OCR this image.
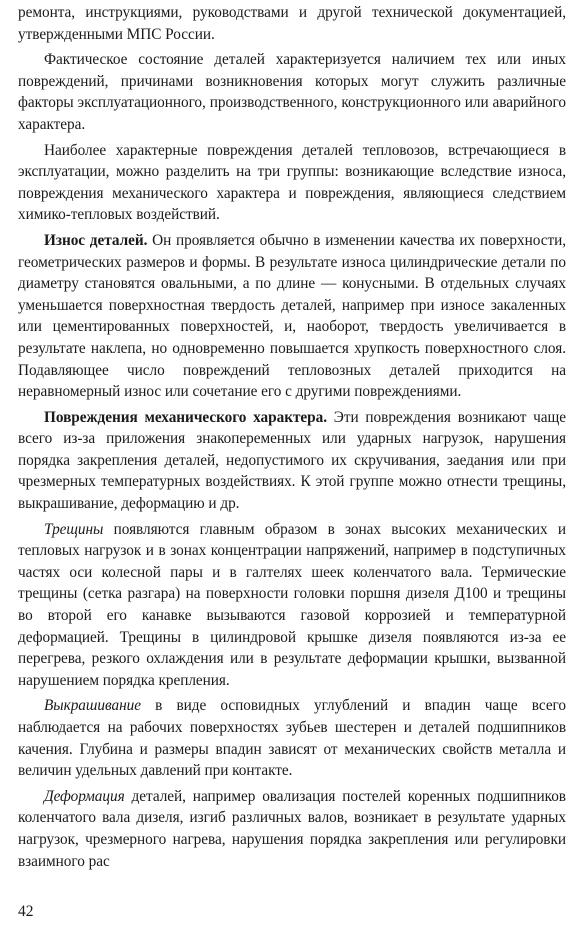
ремонта, инструкциями, руководствами и другой технической документацией, утвержденными МПС России.

Фактическое состояние деталей характеризуется наличием тех или иных повреждений, причинами возникновения которых могут служить различные факторы эксплуатационного, производственного, конструкционного или аварийного характера.

Наиболее характерные повреждения деталей тепловозов, встречающиеся в эксплуатации, можно разделить на три группы: возникающие вследствие износа, повреждения механического характера и повреждения, являющиеся следствием химико-тепловых воздействий.

Износ деталей. Он проявляется обычно в изменении качества их поверхности, геометрических размеров и формы. В результате износа цилиндрические детали по диаметру становятся овальными, а по длине — конусными. В отдельных случаях уменьшается поверхностная твердость деталей, например при износе закаленных или цементированных поверхностей, и, наоборот, твердость увеличивается в результате наклепа, но одновременно повышается хрупкость поверхностного слоя. Подавляющее число повреждений тепловозных деталей приходится на неравномерный износ или сочетание его с другими повреждениями.

Повреждения механического характера. Эти повреждения возникают чаще всего из-за приложения знакопеременных или ударных нагрузок, нарушения порядка закрепления деталей, недопустимого их скручивания, заедания или при чрезмерных температурных воздействиях. К этой группе можно отнести трещины, выкрашивание, деформацию и др.

Трещины появляются главным образом в зонах высоких механических и тепловых нагрузок и в зонах концентрации напряжений, например в подступичных частях оси колесной пары и в галтелях шеек коленчатого вала. Термические трещины (сетка разгара) на поверхности головки поршня дизеля Д100 и трещины во второй его канавке вызываются газовой коррозией и температурной деформацией. Трещины в цилиндровой крышке дизеля появляются из-за ее перегрева, резкого охлаждения или в результате деформации крышки, вызванной нарушением порядка крепления.

Выкрашивание в виде осповидных углублений и впадин чаще всего наблюдается на рабочих поверхностях зубьев шестерен и деталей подшипников качения. Глубина и размеры впадин зависят от механических свойств металла и величин удельных давлений при контакте.

Деформация деталей, например овализация постелей коренных подшипников коленчатого вала дизеля, изгиб различных валов, возникает в результате ударных нагрузок, чрезмерного нагрева, нарушения порядка закрепления или регулировки взаимного рас

42
